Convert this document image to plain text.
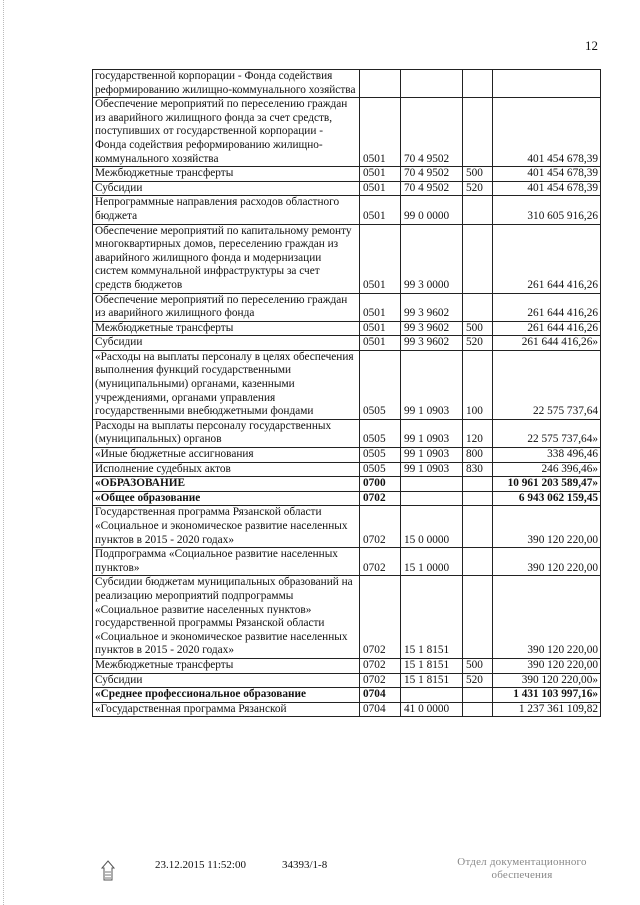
12
государственной корпорации - Фонда содействия реформированию жилищно-коммунального хозяйства				
Обеспечение мероприятий по переселению граждан из аварийного жилищного фонда за счет средств, поступивших от государственной корпорации - Фонда содействия реформированию жилищно-коммунального хозяйства	0501	70 4 9502		401 454 678,39
Межбюджетные трансферты	0501	70 4 9502	500	401 454 678,39
Субсидии	0501	70 4 9502	520	401 454 678,39
Непрограммные направления расходов областного бюджета	0501	99 0 0000		310 605 916,26
Обеспечение мероприятий по капитальному ремонту многоквартирных домов, переселению граждан из аварийного жилищного фонда и модернизации систем коммунальной инфраструктуры за счет средств бюджетов	0501	99 3 0000		261 644 416,26
Обеспечение мероприятий по переселению граждан из аварийного жилищного фонда	0501	99 3 9602		261 644 416,26
Межбюджетные трансферты	0501	99 3 9602	500	261 644 416,26
Субсидии	0501	99 3 9602	520	261 644 416,26»
«Расходы на выплаты персоналу в целях обеспечения выполнения функций государственными (муниципальными) органами, казенными учреждениями, органами управления государственными внебюджетными фондами	0505	99 1 0903	100	22 575 737,64
Расходы на выплаты персоналу государственных (муниципальных) органов	0505	99 1 0903	120	22 575 737,64»
«Иные бюджетные ассигнования	0505	99 1 0903	800	338 496,46
Исполнение судебных актов	0505	99 1 0903	830	246 396,46»
«ОБРАЗОВАНИЕ	0700			10 961 203 589,47»
«Общее образование	0702			6 943 062 159,45
Государственная программа Рязанской области «Социальное и экономическое развитие населенных пунктов в 2015 - 2020 годах»	0702	15 0 0000		390 120 220,00
Подпрограмма «Социальное развитие населенных пунктов»	0702	15 1 0000		390 120 220,00
Субсидии бюджетам муниципальных образований на реализацию мероприятий подпрограммы «Социальное развитие населенных пунктов» государственной программы Рязанской области «Социальное и экономическое развитие населенных пунктов в 2015 - 2020 годах»	0702	15 1 8151		390 120 220,00
Межбюджетные трансферты	0702	15 1 8151	500	390 120 220,00
Субсидии	0702	15 1 8151	520	390 120 220,00»
«Среднее профессиональное образование	0704			1 431 103 997,16»
«Государственная программа Рязанской	0704	41 0 0000		1 237 361 109,82
23.12.2015 11:52:00	34393/1-8	Отдел документационного
обеспечения
